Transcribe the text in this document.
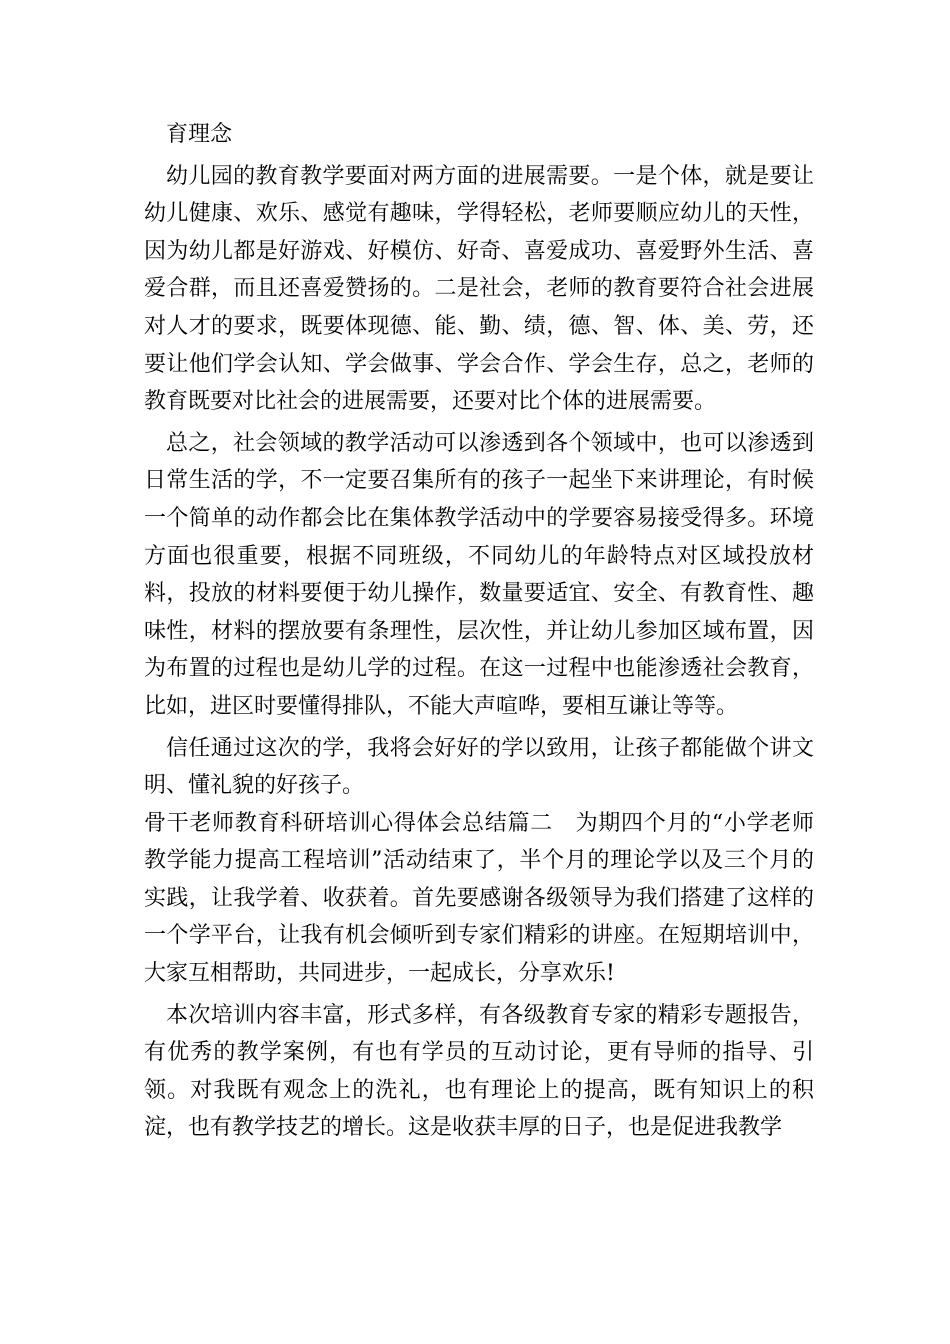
育理念

幼儿园的教育教学要面对两方面的进展需要。一是个体，就是要让幼儿健康、欢乐、感觉有趣味，学得轻松，老师要顺应幼儿的天性，因为幼儿都是好游戏、好模仿、好奇、喜爱成功、喜爱野外生活、喜爱合群，而且还喜爱赞扬的。二是社会，老师的教育要符合社会进展对人才的要求，既要体现德、能、勤、绩，德、智、体、美、劳，还要让他们学会认知、学会做事、学会合作、学会生存，总之，老师的教育既要对比社会的进展需要，还要对比个体的进展需要。

总之，社会领域的教学活动可以渗透到各个领域中，也可以渗透到日常生活的学，不一定要召集所有的孩子一起坐下来讲理论，有时候一个简单的动作都会比在集体教学活动中的学要容易接受得多。环境方面也很重要，根据不同班级，不同幼儿的年龄特点对区域投放材料，投放的材料要便于幼儿操作，数量要适宜、安全、有教育性、趣味性，材料的摆放要有条理性，层次性，并让幼儿参加区域布置，因为布置的过程也是幼儿学的过程。在这一过程中也能渗透社会教育，比如，进区时要懂得排队，不能大声喧哗，要相互谦让等等。

信任通过这次的学，我将会好好的学以致用，让孩子都能做个讲文明、懂礼貌的好孩子。

骨干老师教育科研培训心得体会总结篇二　为期四个月的“小学老师教学能力提高工程培训”活动结束了，半个月的理论学以及三个月的实践，让我学着、收获着。首先要感谢各级领导为我们搭建了这样的一个学平台，让我有机会倾听到专家们精彩的讲座。在短期培训中，大家互相帮助，共同进步，一起成长，分享欢乐!

本次培训内容丰富，形式多样，有各级教育专家的精彩专题报告，有优秀的教学案例，有也有学员的互动讨论，更有导师的指导、引领。对我既有观念上的洗礼，也有理论上的提高，既有知识上的积淀，也有教学技艺的增长。这是收获丰厚的日子，也是促进我教学
